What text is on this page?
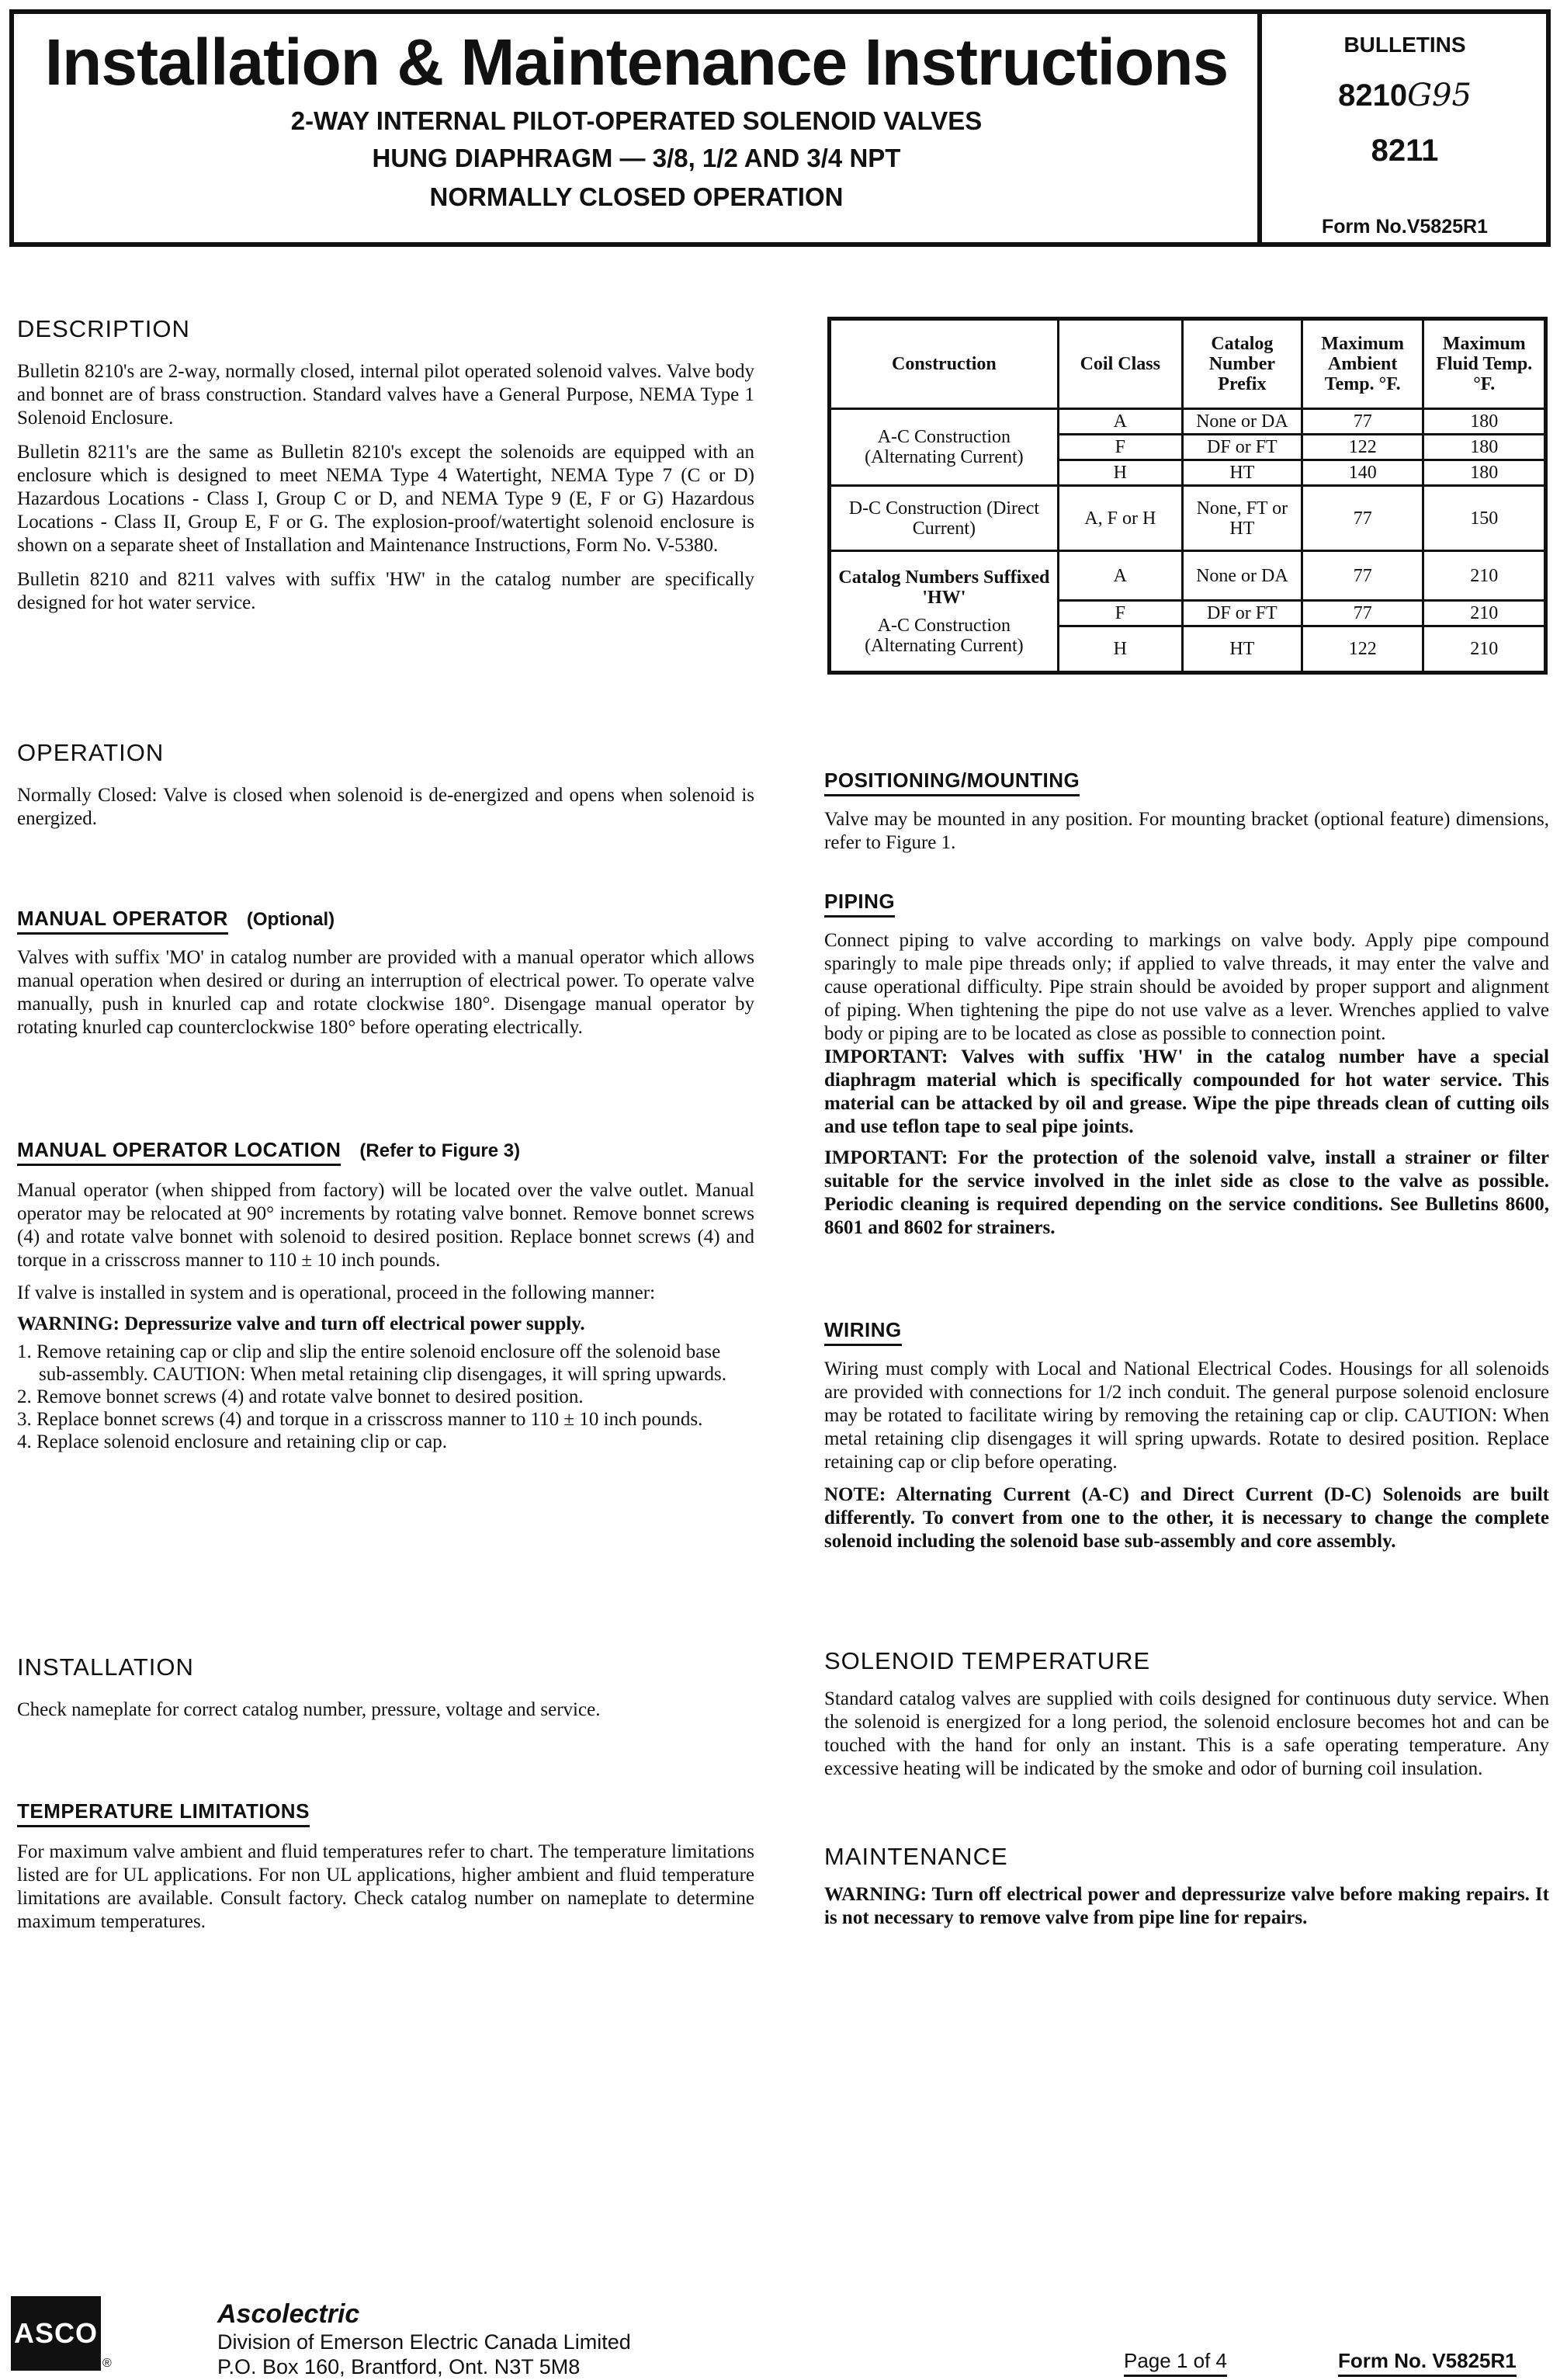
Installation & Maintenance Instructions
2-WAY INTERNAL PILOT-OPERATED SOLENOID VALVES
HUNG DIAPHRAGM — 3/8, 1/2 AND 3/4 NPT
NORMALLY CLOSED OPERATION
BULLETINS
8210G95
8211
Form No.V5825R1
DESCRIPTION

Bulletin 8210's are 2-way, normally closed, internal pilot operated solenoid valves. Valve body and bonnet are of brass construction. Standard valves have a General Purpose, NEMA Type 1 Solenoid Enclosure.

Bulletin 8211's are the same as Bulletin 8210's except the solenoids are equipped with an enclosure which is designed to meet NEMA Type 4 Watertight, NEMA Type 7 (C or D) Hazardous Locations - Class I, Group C or D, and NEMA Type 9 (E, F or G) Hazardous Locations - Class II, Group E, F or G. The explosion-proof/watertight solenoid enclosure is shown on a separate sheet of Installation and Maintenance Instructions, Form No. V-5380.

Bulletin 8210 and 8211 valves with suffix 'HW' in the catalog number are specifically designed for hot water service.

OPERATION

Normally Closed: Valve is closed when solenoid is de-energized and opens when solenoid is energized.

MANUAL OPERATOR (Optional)

Valves with suffix 'MO' in catalog number are provided with a manual operator which allows manual operation when desired or during an interruption of electrical power. To operate valve manually, push in knurled cap and rotate clockwise 180°. Disengage manual operator by rotating knurled cap counterclockwise 180° before operating electrically.

MANUAL OPERATOR LOCATION (Refer to Figure 3)

Manual operator (when shipped from factory) will be located over the valve outlet. Manual operator may be relocated at 90° increments by rotating valve bonnet. Remove bonnet screws (4) and rotate valve bonnet with solenoid to desired position. Replace bonnet screws (4) and torque in a crisscross manner to 110 ± 10 inch pounds.

If valve is installed in system and is operational, proceed in the following manner:

WARNING: Depressurize valve and turn off electrical power supply.

1. Remove retaining cap or clip and slip the entire solenoid enclosure off the solenoid base sub-assembly. CAUTION: When metal retaining clip disengages, it will spring upwards.
2. Remove bonnet screws (4) and rotate valve bonnet to desired position.
3. Replace bonnet screws (4) and torque in a crisscross manner to 110 ± 10 inch pounds.
4. Replace solenoid enclosure and retaining clip or cap.
INSTALLATION

Check nameplate for correct catalog number, pressure, voltage and service.

TEMPERATURE LIMITATIONS

For maximum valve ambient and fluid temperatures refer to chart. The temperature limitations listed are for UL applications. For non UL applications, higher ambient and fluid temperature limitations are available. Consult factory. Check catalog number on nameplate to determine maximum temperatures.

Construction	Coil Class	Catalog Number Prefix	Maximum Ambient Temp. °F.	Maximum Fluid Temp. °F.
A-C Construction (Alternating Current)	A	None or DA	77	180
	F	DF or FT	122	180
	H	HT	140	180
D-C Construction (Direct Current)	A, F or H	None, FT or HT	77	150

Catalog Numbers Suffixed 'HW'
A-C Construction (Alternating Current)	A	None or DA	77	210
	F	DF or FT	77	210
	H	HT	122	210
POSITIONING/MOUNTING

Valve may be mounted in any position. For mounting bracket (optional feature) dimensions, refer to Figure 1.

PIPING

Connect piping to valve according to markings on valve body. Apply pipe compound sparingly to male pipe threads only; if applied to valve threads, it may enter the valve and cause operational difficulty. Pipe strain should be avoided by proper support and alignment of piping. When tightening the pipe do not use valve as a lever. Wrenches applied to valve body or piping are to be located as close as possible to connection point.

IMPORTANT: Valves with suffix 'HW' in the catalog number have a special diaphragm material which is specifically compounded for hot water service. This material can be attacked by oil and grease. Wipe the pipe threads clean of cutting oils and use teflon tape to seal pipe joints.

IMPORTANT: For the protection of the solenoid valve, install a strainer or filter suitable for the service involved in the inlet side as close to the valve as possible. Periodic cleaning is required depending on the service conditions. See Bulletins 8600, 8601 and 8602 for strainers.

WIRING

Wiring must comply with Local and National Electrical Codes. Housings for all solenoids are provided with connections for 1/2 inch conduit. The general purpose solenoid enclosure may be rotated to facilitate wiring by removing the retaining cap or clip. CAUTION: When metal retaining clip disengages it will spring upwards. Rotate to desired position. Replace retaining cap or clip before operating.

NOTE: Alternating Current (A-C) and Direct Current (D-C) Solenoids are built differently. To convert from one to the other, it is necessary to change the complete solenoid including the solenoid base sub-assembly and core assembly.

SOLENOID TEMPERATURE

Standard catalog valves are supplied with coils designed for continuous duty service. When the solenoid is energized for a long period, the solenoid enclosure becomes hot and can be touched with the hand for only an instant. This is a safe operating temperature. Any excessive heating will be indicated by the smoke and odor of burning coil insulation.

MAINTENANCE

WARNING: Turn off electrical power and depressurize valve before making repairs. It is not necessary to remove valve from pipe line for repairs.

ASCO
®
Ascolectric
Division of Emerson Electric Canada Limited
P.O. Box 160, Brantford, Ont. N3T 5M8	Page 1 of 4	Form No. V5825R1
